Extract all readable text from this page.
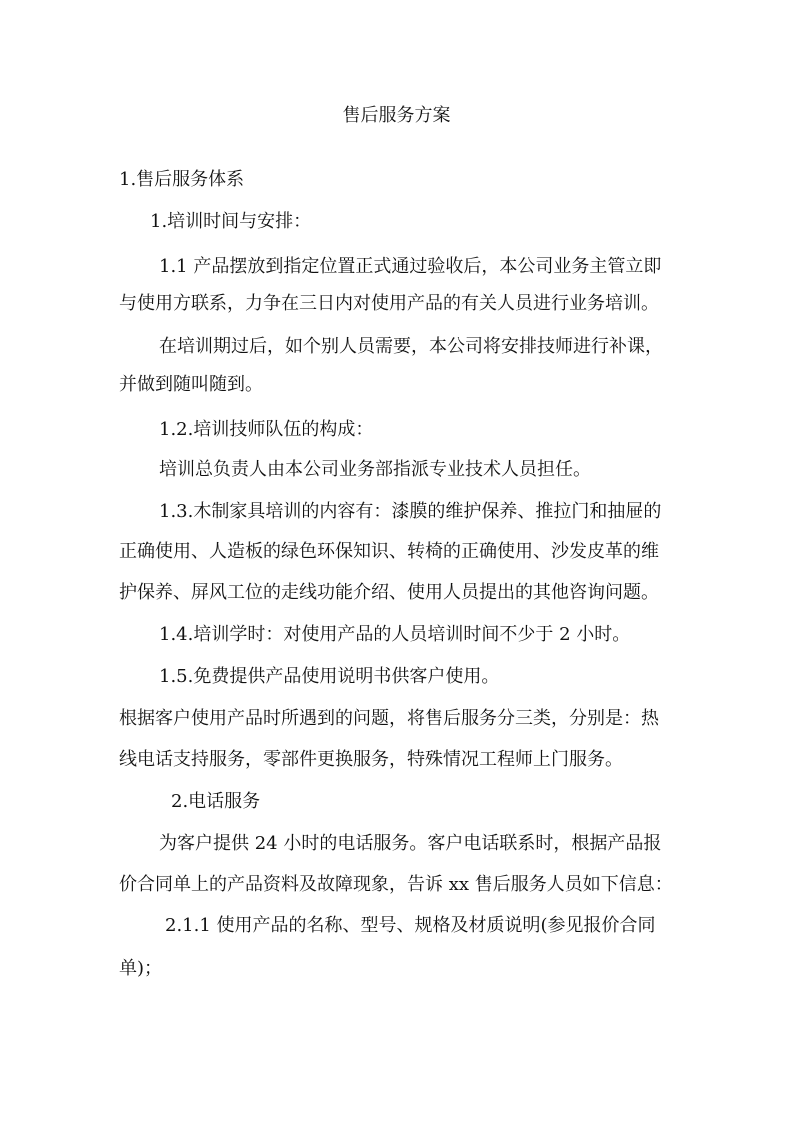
售后服务方案
1.售后服务体系
1.培训时间与安排：
1.1 产品摆放到指定位置正式通过验收后，本公司业务主管立即
与使用方联系，力争在三日内对使用产品的有关人员进行业务培训。
在培训期过后，如个别人员需要，本公司将安排技师进行补课，
并做到随叫随到。
1.2.培训技师队伍的构成：
培训总负责人由本公司业务部指派专业技术人员担任。
1.3.木制家具培训的内容有：漆膜的维护保养、推拉门和抽屉的
正确使用、人造板的绿色环保知识、转椅的正确使用、沙发皮革的维
护保养、屏风工位的走线功能介绍、使用人员提出的其他咨询问题。
1.4.培训学时：对使用产品的人员培训时间不少于 2 小时。
1.5.免费提供产品使用说明书供客户使用。
根据客户使用产品时所遇到的问题，将售后服务分三类，分别是：热
线电话支持服务，零部件更换服务，特殊情况工程师上门服务。
2.电话服务
为客户提供 24 小时的电话服务。客户电话联系时，根据产品报
价合同单上的产品资料及故障现象，告诉 xx 售后服务人员如下信息：
2.1.1 使用产品的名称、型号、规格及材质说明(参见报价合同
单)；
